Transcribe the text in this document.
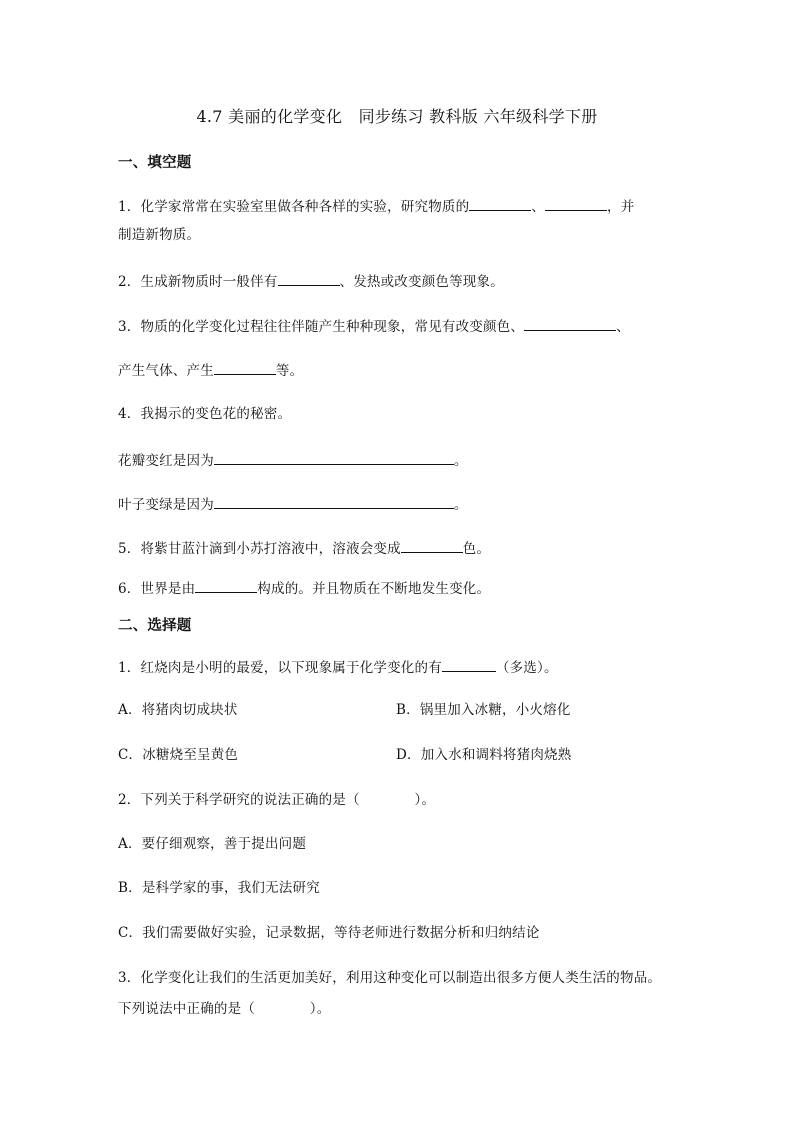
4.7 美丽的化学变化　同步练习 教科版 六年级科学下册
一、填空题
1．化学家常常在实验室里做各种各样的实验，研究物质的	、	，并
制造新物质。
2．生成新物质时一般伴有	、发热或改变颜色等现象。
3．物质的化学变化过程往往伴随产生种种现象，常见有改变颜色、	、
产生气体、产生	等。
4．我揭示的变色花的秘密。
花瓣变红是因为	。
叶子变绿是因为	。
5．将紫甘蓝汁滴到小苏打溶液中，溶液会变成	色。
6．世界是由	构成的。并且物质在不断地发生变化。
二、选择题
1．红烧肉是小明的最爱，以下现象属于化学变化的有	（多选）。
A．将猪肉切成块状	B．锅里加入冰糖，小火熔化
C．冰糖烧至呈黄色	D．加入水和调料将猪肉烧熟
2．下列关于科学研究的说法正确的是（　　　　）。
A．要仔细观察，善于提出问题
B．是科学家的事，我们无法研究
C．我们需要做好实验，记录数据，等待老师进行数据分析和归纳结论
3．化学变化让我们的生活更加美好，利用这种变化可以制造出很多方便人类生活的物品。
下列说法中正确的是（　　　　）。
